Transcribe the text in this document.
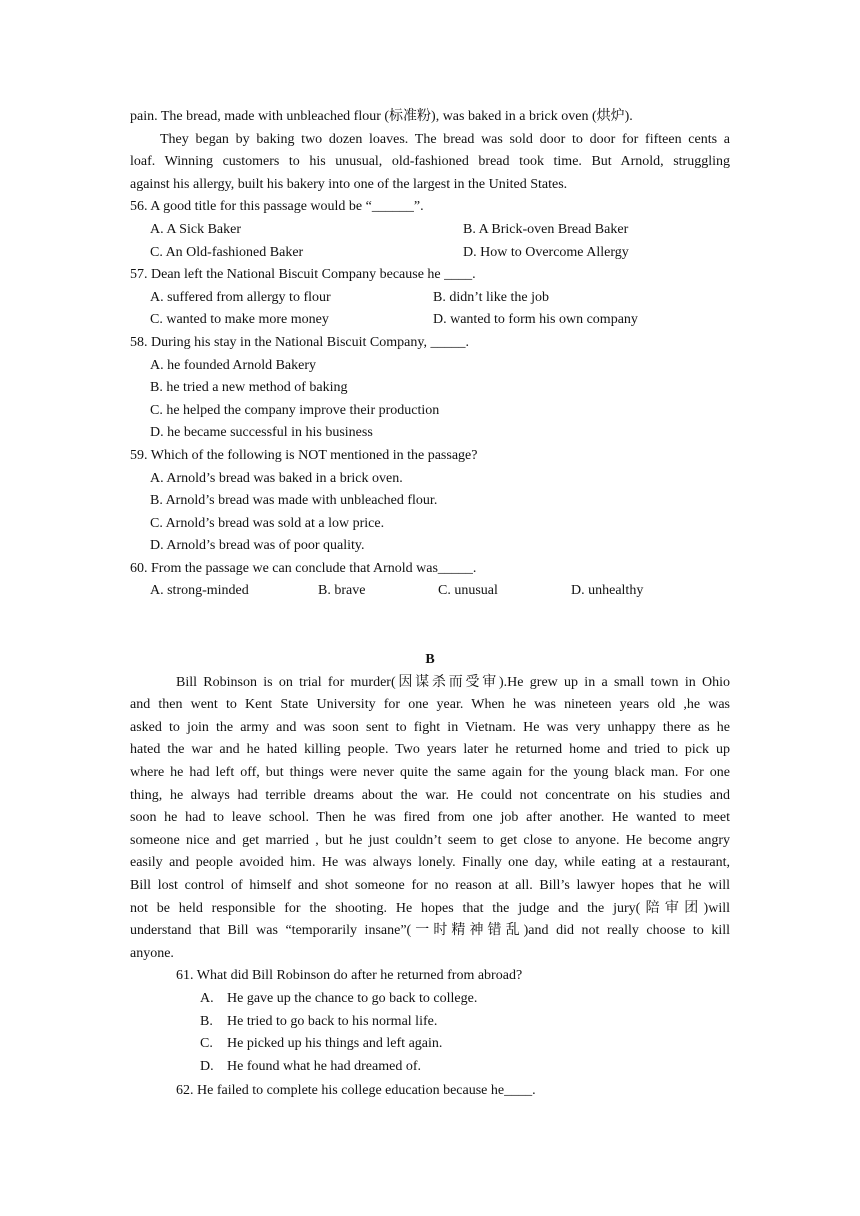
pain. The bread, made with unbleached flour (标准粉), was baked in a brick oven (烘炉).
They began by baking two dozen loaves. The bread was sold door to door for fifteen cents a
loaf. Winning customers to his unusual, old-fashioned bread took time. But Arnold, struggling
against his allergy, built his bakery into one of the largest in the United States.
56. A good title for this passage would be “______”.
A. A Sick Baker	B. A Brick-oven Bread Baker
C. An Old-fashioned Baker	D. How to Overcome Allergy
57. Dean left the National Biscuit Company because he ____.
A. suffered from allergy to flour	B. didn’t like the job
C. wanted to make more money	D. wanted to form his own company
58. During his stay in the National Biscuit Company, _____.
A. he founded Arnold Bakery
B. he tried a new method of baking
C. he helped the company improve their production
D. he became successful in his business
59. Which of the following is NOT mentioned in the passage?
A. Arnold’s bread was baked in a brick oven.
B. Arnold’s bread was made with unbleached flour.
C. Arnold’s bread was sold at a low price.
D. Arnold’s bread was of poor quality.
60. From the passage we can conclude that Arnold was_____.
A. strong-minded	B. brave	C. unusual	D. unhealthy
B
Bill Robinson is on trial for murder(因谋杀而受审).He grew up in a small town in Ohio
and then went to Kent State University for one year. When he was nineteen years old ,he was
asked to join the army and was soon sent to fight in Vietnam. He was very unhappy there as he
hated the war and he hated killing people. Two years later he returned home and tried to pick up
where he had left off, but things were never quite the same again for the young black man. For one
thing, he always had terrible dreams about the war. He could not concentrate on his studies and
soon he had to leave school. Then he was fired from one job after another. He wanted to meet
someone nice and get married , but he just couldn’t seem to get close to anyone. He become angry
easily and people avoided him. He was always lonely. Finally one day, while eating at a restaurant,
Bill lost control of himself and shot someone for no reason at all. Bill’s lawyer hopes that he will
not be held responsible for the shooting. He hopes that the judge and the jury(陪审团)will
understand that Bill was “temporarily insane”(一时精神错乱)and did not really choose to kill
anyone.
61. What did Bill Robinson do after he returned from abroad?
A. He gave up the chance to go back to college.
B.	He tried to go back to his normal life.
C.	He picked up his things and left again.
D. He found what he had dreamed of.
62. He failed to complete his college education because he____.
